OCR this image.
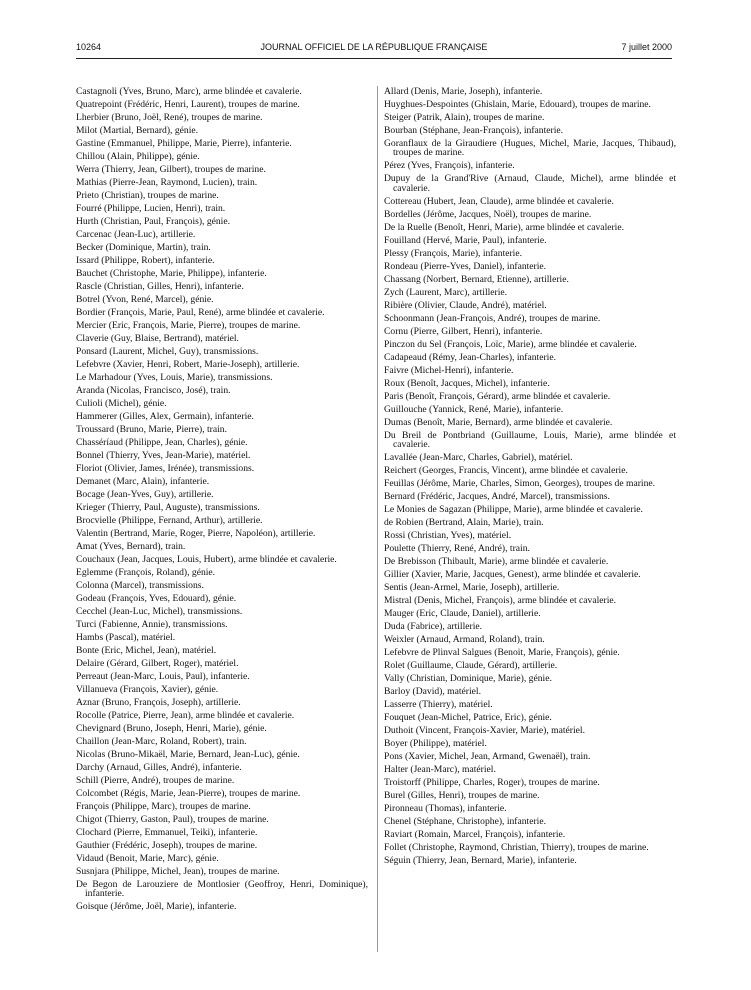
10264	JOURNAL OFFICIEL DE LA RÉPUBLIQUE FRANÇAISE	7 juillet 2000

Castagnoli (Yves, Bruno, Marc), arme blindée et cavalerie.

Quatrepoint (Frédéric, Henri, Laurent), troupes de marine.

Lherbier (Bruno, Joël, René), troupes de marine.

Milot (Martial, Bernard), génie.

Gastine (Emmanuel, Philippe, Marie, Pierre), infanterie.

Chillou (Alain, Philippe), génie.

Werra (Thierry, Jean, Gilbert), troupes de marine.

Mathias (Pierre-Jean, Raymond, Lucien), train.

Prieto (Christian), troupes de marine.

Fourré (Philippe, Lucien, Henri), train.

Hurth (Christian, Paul, François), génie.

Carcenac (Jean-Luc), artillerie.

Becker (Dominique, Martin), train.

Issard (Philippe, Robert), infanterie.

Bauchet (Christophe, Marie, Philippe), infanterie.

Rascle (Christian, Gilles, Henri), infanterie.

Botrel (Yvon, René, Marcel), génie.

Bordier (François, Marie, Paul, René), arme blindée et cavalerie.

Mercier (Eric, François, Marie, Pierre), troupes de marine.

Claverie (Guy, Blaise, Bertrand), matériel.

Ponsard (Laurent, Michel, Guy), transmissions.

Lefebvre (Xavier, Henri, Robert, Marie-Joseph), artillerie.

Le Marhadour (Yves, Louis, Marie), transmissions.

Aranda (Nicolas, Francisco, José), train.

Culioli (Michel), génie.

Hammerer (Gilles, Alex, Germain), infanterie.

Troussard (Bruno, Marie, Pierre), train.

Chasséríaud (Philippe, Jean, Charles), génie.

Bonnel (Thierry, Yves, Jean-Marie), matériel.

Floriot (Olivier, James, Irénée), transmissions.

Demanet (Marc, Alain), infanterie.

Bocage (Jean-Yves, Guy), artillerie.

Krieger (Thierry, Paul, Auguste), transmissions.

Brocvielle (Philippe, Fernand, Arthur), artillerie.

Valentin (Bertrand, Marie, Roger, Pierre, Napoléon), artillerie.

Amat (Yves, Bernard), train.

Couchaux (Jean, Jacques, Louis, Hubert), arme blindée et cavalerie.

Eglemme (François, Roland), génie.

Colonna (Marcel), transmissions.

Godeau (François, Yves, Edouard), génie.

Cecchel (Jean-Luc, Michel), transmissions.

Turci (Fabienne, Annie), transmissions.

Hambs (Pascal), matériel.

Bonte (Eric, Michel, Jean), matériel.

Delaire (Gérard, Gilbert, Roger), matériel.

Perreaut (Jean-Marc, Louis, Paul), infanterie.

Villanueva (François, Xavier), génie.

Aznar (Bruno, François, Joseph), artillerie.

Rocolle (Patrice, Pierre, Jean), arme blindée et cavalerie.

Chevignard (Bruno, Joseph, Henri, Marie), génie.

Chaillon (Jean-Marc, Roland, Robert), train.

Nicolas (Bruno-Mikaël, Marie, Bernard, Jean-Luc), génie.

Darchy (Arnaud, Gilles, André), infanterie.

Schill (Pierre, André), troupes de marine.

Colcombet (Régis, Marie, Jean-Pierre), troupes de marine.

François (Philippe, Marc), troupes de marine.

Chigot (Thierry, Gaston, Paul), troupes de marine.

Clochard (Pierre, Emmanuel, Teiki), infanterie.

Gauthier (Frédéric, Joseph), troupes de marine.

Vidaud (Benoit, Marie, Marc), génie.

Susnjara (Philippe, Michel, Jean), troupes de marine.

De Begon de Larouziere de Montlosier (Geoffroy, Henri, Dominique), infanterie.

Goisque (Jérôme, Joël, Marie), infanterie.

Allard (Denis, Marie, Joseph), infanterie.

Huyghues-Despointes (Ghislain, Marie, Edouard), troupes de marine.

Steiger (Patrik, Alain), troupes de marine.

Bourban (Stéphane, Jean-François), infanterie.

Goranflaux de la Giraudiere (Hugues, Michel, Marie, Jacques, Thibaud), troupes de marine.

Pérez (Yves, François), infanterie.

Dupuy de la Grand'Rive (Arnaud, Claude, Michel), arme blindée et cavalerie.

Cottereau (Hubert, Jean, Claude), arme blindée et cavalerie.

Bordelles (Jérôme, Jacques, Noël), troupes de marine.

De la Ruelle (Benoît, Henri, Marie), arme blindée et cavalerie.

Fouilland (Hervé, Marie, Paul), infanterie.

Plessy (François, Marie), infanterie.

Rondeau (Pierre-Yves, Daniel), infanterie.

Chassang (Norbert, Bernard, Etienne), artillerie.

Zych (Laurent, Marc), artillerie.

Ribière (Olivier, Claude, André), matériel.

Schoonmann (Jean-François, André), troupes de marine.

Cornu (Pierre, Gilbert, Henri), infanterie.

Pinczon du Sel (François, Loïc, Marie), arme blindée et cavalerie.

Cadapeaud (Rémy, Jean-Charles), infanterie.

Faivre (Michel-Henri), infanterie.

Roux (Benoît, Jacques, Michel), infanterie.

Paris (Benoît, François, Gérard), arme blindée et cavalerie.

Guillouche (Yannick, René, Marie), infanterie.

Dumas (Benoît, Marie, Bernard), arme blindée et cavalerie.

Du Breil de Pontbriand (Guillaume, Louis, Marie), arme blindée et cavalerie.

Lavallée (Jean-Marc, Charles, Gabriel), matériel.

Reichert (Georges, Francis, Vincent), arme blindée et cavalerie.

Feuillas (Jérôme, Marie, Charles, Simon, Georges), troupes de marine.

Bernard (Frédéric, Jacques, André, Marcel), transmissions.

Le Monies de Sagazan (Philippe, Marie), arme blindée et cavalerie.

de Robien (Bertrand, Alain, Marie), train.

Rossi (Christian, Yves), matériel.

Poulette (Thierry, René, André), train.

De Brebisson (Thibault, Marie), arme blindée et cavalerie.

Gillier (Xavier, Marie, Jacques, Genest), arme blindée et cavalerie.

Sentis (Jean-Armel, Marie, Joseph), artillerie.

Mistral (Denis, Michel, François), arme blindée et cavalerie.

Mauger (Eric, Claude, Daniel), artillerie.

Duda (Fabrice), artillerie.

Weixler (Arnaud, Armand, Roland), train.

Lefebvre de Plinval Salgues (Benoit, Marie, François), génie.

Rolet (Guillaume, Claude, Gérard), artillerie.

Vally (Christian, Dominique, Marie), génie.

Barloy (David), matériel.

Lasserre (Thierry), matériel.

Fouquet (Jean-Michel, Patrice, Eric), génie.

Duthoit (Vincent, François-Xavier, Marie), matériel.

Boyer (Philippe), matériel.

Pons (Xavier, Michel, Jean, Armand, Gwenaël), train.

Halter (Jean-Marc), matériel.

Troistorff (Philippe, Charles, Roger), troupes de marine.

Burel (Gilles, Henri), troupes de marine.

Pironneau (Thomas), infanterie.

Chenel (Stéphane, Christophe), infanterie.

Raviart (Romain, Marcel, François), infanterie.

Follet (Christophe, Raymond, Christian, Thierry), troupes de marine.

Séguin (Thierry, Jean, Bernard, Marie), infanterie.
